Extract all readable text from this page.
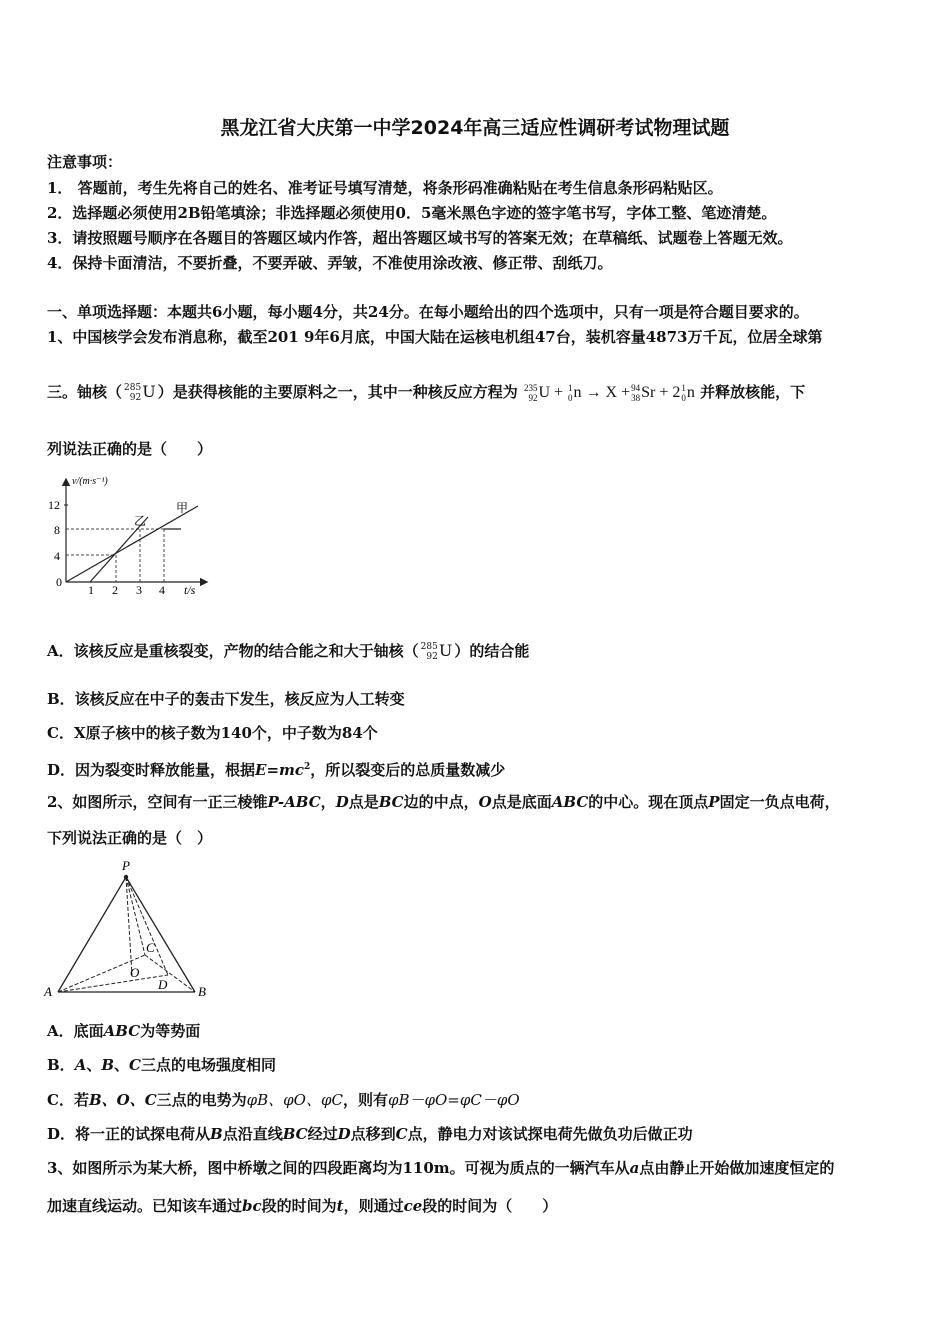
黑龙江省大庆第一中学2024年高三适应性调研考试物理试题
注意事项：
1． 答题前，考生先将自己的姓名、准考证号填写清楚，将条形码准确粘贴在考生信息条形码粘贴区。
2．选择题必须使用2B铅笔填涂；非选择题必须使用0．5毫米黑色字迹的签字笔书写，字体工整、笔迹清楚。
3．请按照题号顺序在各题目的答题区域内作答，超出答题区域书写的答案无效；在草稿纸、试题卷上答题无效。
4．保持卡面清洁，不要折叠，不要弄破、弄皱，不准使用涂改液、修正带、刮纸刀。
一、单项选择题：本题共6小题，每小题4分，共24分。在每小题给出的四个选项中，只有一项是符合题目要求的。
1、中国核学会发布消息称，截至201 9年6月底，中国大陆在运核电机组47台，装机容量4873万千瓦，位居全球第
三。铀核（ 285
92U ）是获得核能的主要原料之一，其中一种核反应方程为 235
92U + 1
0n → X +94
38Sr + 21
0n 并释放核能，下
列说法正确的是（　　）
v/(m·s⁻¹)
t/s
12
8
4
0
1 2 3 4
甲
乙
A．该核反应是重核裂变，产物的结合能之和大于铀核（ 285
92U ）的结合能
B．该核反应在中子的轰击下发生，核反应为人工转变
C．X原子核中的核子数为140个，中子数为84个
D．因为裂变时释放能量，根据$E=mc^2$，所以裂变后的总质量数减少
2、如图所示，空间有一正三棱锥P-ABC，D点是BC边的中点，O点是底面ABC的中心。现在顶点P固定一负点电荷，
下列说法正确的是（　）
P
C
O
D
A	B
A．底面ABC为等势面
B．A、B、C三点的电场强度相同
C．若B、O、C三点的电势为φB、φO、φC，则有φB－φO=φC－φO
D．将一正的试探电荷从B点沿直线BC经过D点移到C点，静电力对该试探电荷先做负功后做正功
3、如图所示为某大桥，图中桥墩之间的四段距离均为110m。可视为质点的一辆汽车从a点由静止开始做加速度恒定的
加速直线运动。已知该车通过bc段的时间为t，则通过ce段的时间为（　　）
